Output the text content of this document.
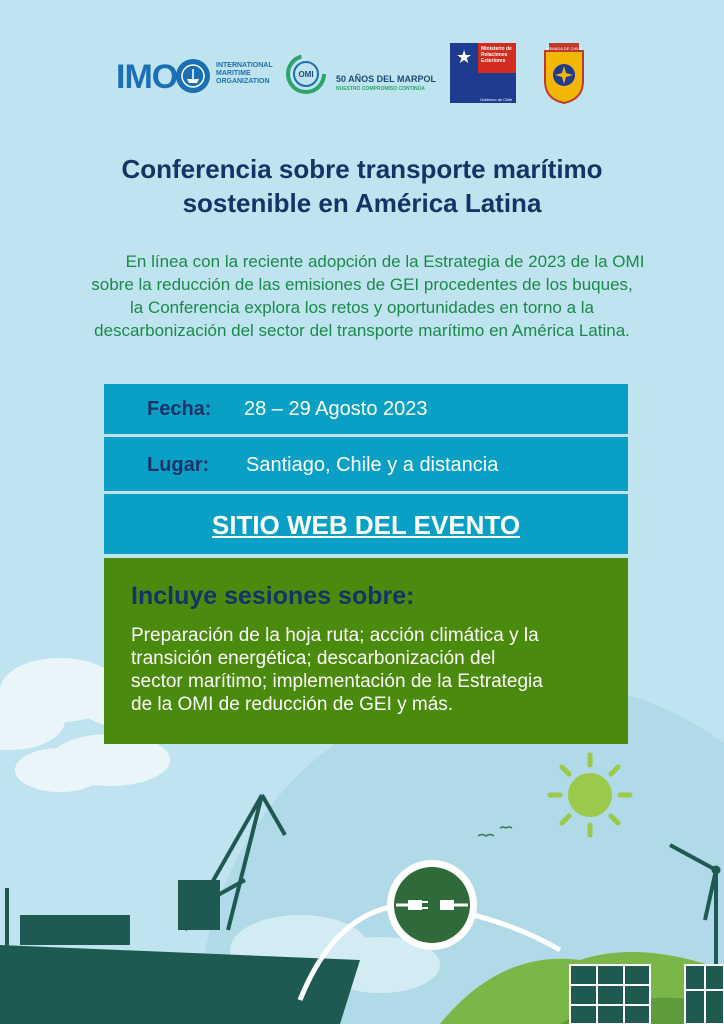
IMO	INTERNATIONAL
MARITIME
ORGANIZATION
OMI 50 AÑOS DEL MARPOL
NUESTRO COMPROMISO CONTINÚA
★ Ministerio de
Relaciones
Exteriores
Gobierno de Chile
ARMADA DE CHILE
Conferencia sobre transporte marítimo
sostenible en América Latina

En línea con la reciente adopción de la Estrategia de 2023 de la OMI
sobre la reducción de las emisiones de GEI procedentes de los buques,
la Conferencia explora los retos y oportunidades en torno a la
descarbonización del sector del transporte marítimo en América Latina.

Fecha: 28 – 29 Agosto 2023
Lugar: Santiago, Chile y a distancia
SITIO WEB DEL EVENTO
Incluye sesiones sobre:
Preparación de la hoja ruta; acción climática y la
transición energética; descarbonización del
sector marítimo; implementación de la Estrategia
de la OMI de reducción de GEI y más.
